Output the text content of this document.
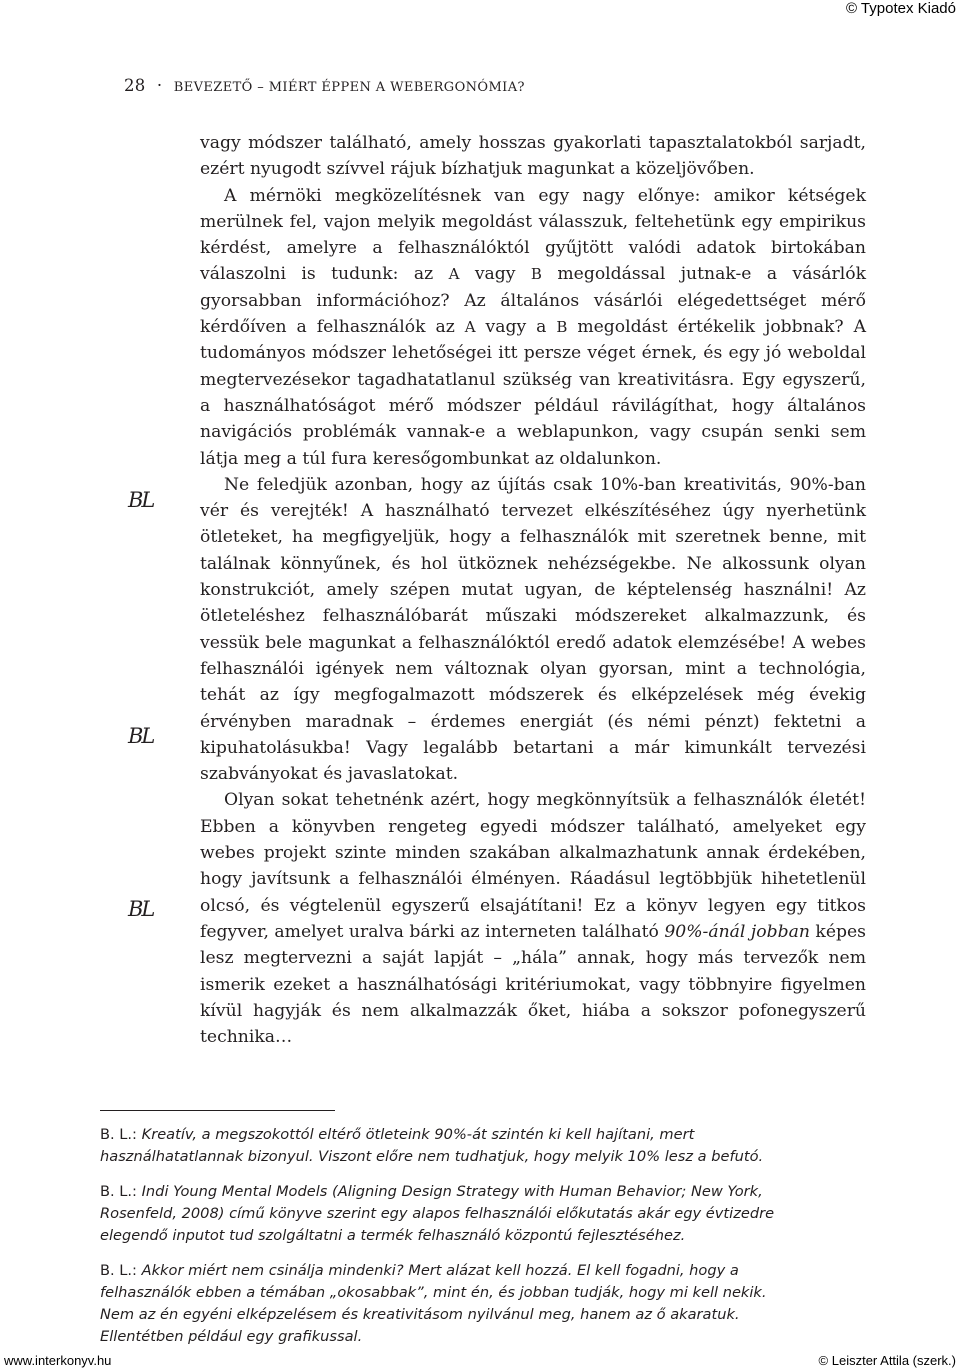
© Typotex Kiadó
28 · BEVEZETŐ – MIÉRT ÉPPEN A WEBERGONÓMIA?
BL
BL
BL

vagy módszer található, amely hosszas gyakorlati tapasztalatokból sarjadt, ezért nyugodt szívvel rájuk bízhatjuk magunkat a közeljövőben.

A mérnöki megközelítésnek van egy nagy előnye: amikor kétségek merülnek fel, vajon melyik megoldást válasszuk, feltehetünk egy empirikus kérdést, amelyre a felhasználóktól gyűjtött valódi adatok birtokában válaszolni is tudunk: az A vagy B megoldással jutnak-e a vásárlók gyorsabban információhoz? Az általános vásárlói elégedettséget mérő kérdőíven a felhasználók az A vagy a B megoldást értékelik jobbnak? A tudományos módszer lehetőségei itt persze véget érnek, és egy jó weboldal megtervezésekor tagadhatatlanul szükség van kreativitásra. Egy egyszerű, a használhatóságot mérő módszer például rávilágíthat, hogy általános navigációs problémák vannak-e a weblapunkon, vagy csupán senki sem látja meg a túl fura keresőgombunkat az oldalunkon.

Ne feledjük azonban, hogy az újítás csak 10%-ban kreativitás, 90%-ban vér és verejték! A használható tervezet elkészítéséhez úgy nyerhetünk ötleteket, ha megfigyeljük, hogy a felhasználók mit szeretnek benne, mit találnak könnyűnek, és hol ütköznek nehézségekbe. Ne alkossunk olyan konstrukciót, amely szépen mutat ugyan, de képtelenség használni! Az ötleteléshez felhasználóbarát műszaki módszereket alkalmazzunk, és vessük bele magunkat a felhasználóktól eredő adatok elemzésébe! A webes felhasználói igények nem változnak olyan gyorsan, mint a technológia, tehát az így megfogalmazott módszerek és elképzelések még évekig érvényben maradnak – érdemes energiát (és némi pénzt) fektetni a kipuhatolásukba! Vagy legalább betartani a már kimunkált tervezési szabványokat és javaslatokat.

Olyan sokat tehetnénk azért, hogy megkönnyítsük a felhasználók életét! Ebben a könyvben rengeteg egyedi módszer található, amelyeket egy webes projekt szinte minden szakában alkalmazhatunk annak érdekében, hogy javítsunk a felhasználói élményen. Ráadásul legtöbbjük hihetetlenül olcsó, és végtelenül egyszerű elsajátítani! Ez a könyv legyen egy titkos fegyver, amelyet uralva bárki az interneten található 90%-ánál jobban képes lesz megtervezni a saját lapját – „hála” annak, hogy más tervezők nem ismerik ezeket a használhatósági kritériumokat, vagy többnyire figyelmen kívül hagyják és nem alkalmazzák őket, hiába a sokszor pofonegyszerű technika…

B. L.: Kreatív, a megszokottól eltérő ötleteink 90%-át szintén ki kell hajítani, mert használhatatlannak bizonyul. Viszont előre nem tudhatjuk, hogy melyik 10% lesz a befutó.

B. L.: Indi Young Mental Models (Aligning Design Strategy with Human Behavior; New York, Rosenfeld, 2008) című könyve szerint egy alapos felhasználói előkutatás akár egy évtizedre elegendő inputot tud szolgáltatni a termék felhasználó központú fejlesztéséhez.

B. L.: Akkor miért nem csinálja mindenki? Mert alázat kell hozzá. El kell fogadni, hogy a felhasználók ebben a témában „okosabbak”, mint én, és jobban tudják, hogy mi kell nekik. Nem az én egyéni elképzelésem és kreativitásom nyilvánul meg, hanem az ő akaratuk. Ellentétben például egy grafikussal.

www.interkonyv.hu	© Leiszter Attila (szerk.)
